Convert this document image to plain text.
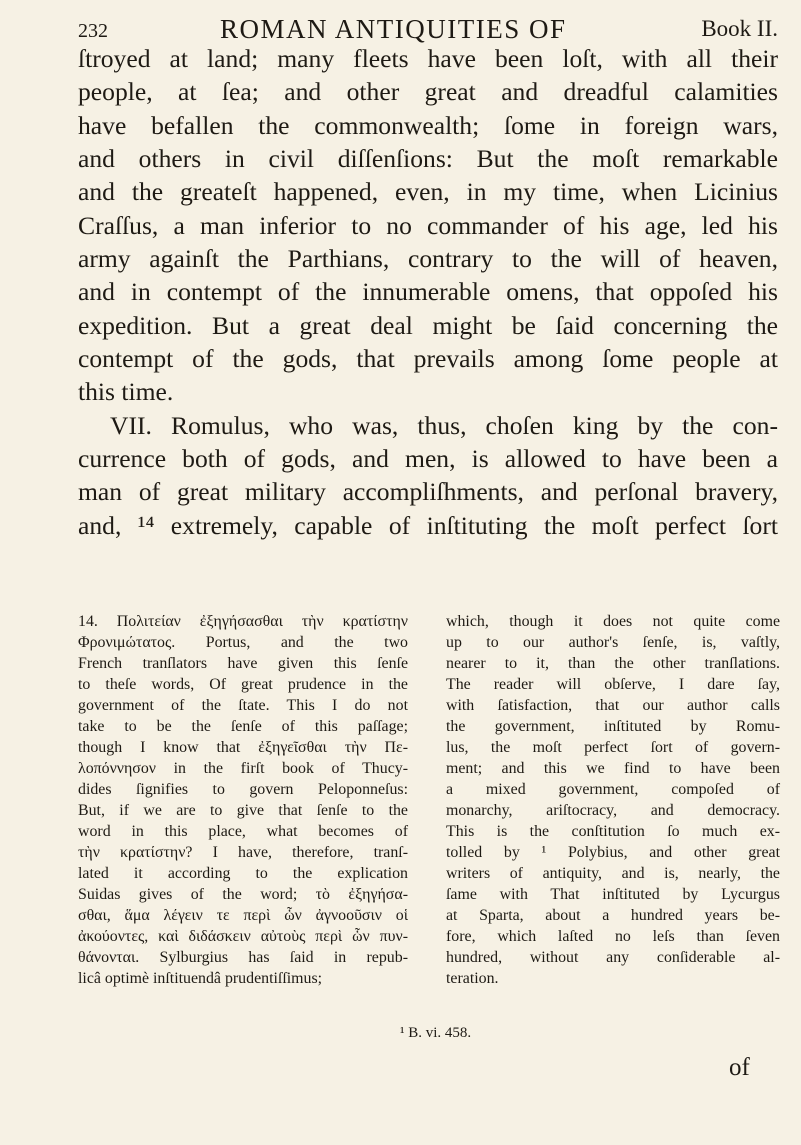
232	ROMAN ANTIQUITIES OF	Book II.
ſtroyed at land; many fleets have been loſt, with all their
people, at ſea; and other great and dreadful calamities
have befallen the commonwealth; ſome in foreign wars,
and others in civil diſſenſions: But the moſt remarkable
and the greateſt happened, even, in my time, when Licinius
Craſſus, a man inferior to no commander of his age, led his
army againſt the Parthians, contrary to the will of heaven,
and in contempt of the innumerable omens, that oppoſed his
expedition. But a great deal might be ſaid concerning the
contempt of the gods, that prevails among ſome people at
this time.
VII. Romulus, who was, thus, choſen king by the con-
currence both of gods, and men, is allowed to have been a
man of great military accompliſhments, and perſonal bravery,
and, ¹⁴ extremely, capable of inſtituting the moſt perfect ſort
14. Πολιτείαν ἐξηγήσασθαι τὴν κρατίστην
Φρονιμώτατος. Portus, and the two
French tranſlators have given this ſenſe
to theſe words, Of great prudence in the
government of the ſtate. This I do not
take to be the ſenſe of this paſſage;
though I know that ἐξηγεῖσθαι τὴν Πε-
λοπόννησον in the firſt book of Thucy-
dides ſignifies to govern Peloponneſus:
But, if we are to give that ſenſe to the
word in this place, what becomes of
τὴν κρατίστην? I have, therefore, tranſ-
lated it according to the explication
Suidas gives of the word; τὸ ἐξηγήσα-
σθαι, ἅμα λέγειν τε περὶ ὧν ἀγνοοῦσιν οἱ
ἀκούοντες, καὶ διδάσκειν αὐτοὺς περὶ ὧν πυν-
θάνονται. Sylburgius has ſaid in repub-
licâ optimè inſtituendâ prudentiſſimus;
which, though it does not quite come
up to our author's ſenſe, is, vaſtly,
nearer to it, than the other tranſlations.
The reader will obſerve, I dare ſay,
with ſatisfaction, that our author calls
the government, inſtituted by Romu-
lus, the moſt perfect ſort of govern-
ment; and this we find to have been
a mixed government, compoſed of
monarchy, ariſtocracy, and democracy.
This is the conſtitution ſo much ex-
tolled by ¹ Polybius, and other great
writers of antiquity, and is, nearly, the
ſame with That inſtituted by Lycurgus
at Sparta, about a hundred years be-
fore, which laſted no leſs than ſeven
hundred, without any conſiderable al-
teration.
¹ B. vi. 458.
of
